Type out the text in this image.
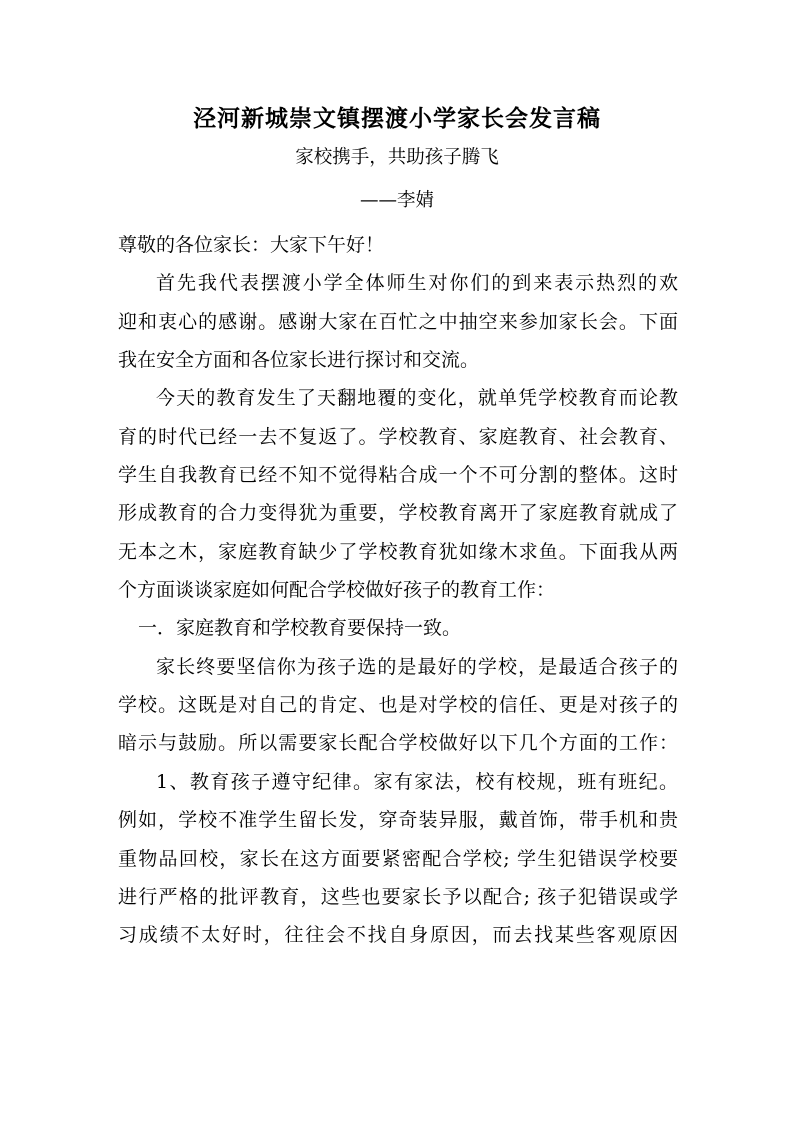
泾河新城崇文镇摆渡小学家长会发言稿
家校携手，共助孩子腾飞
——李婧
尊敬的各位家长：大家下午好！
首先我代表摆渡小学全体师生对你们的到来表示热烈的欢
迎和衷心的感谢。感谢大家在百忙之中抽空来参加家长会。下面
我在安全方面和各位家长进行探讨和交流。
今天的教育发生了天翻地覆的变化，就单凭学校教育而论教
育的时代已经一去不复返了。学校教育、家庭教育、社会教育、
学生自我教育已经不知不觉得粘合成一个不可分割的整体。这时
形成教育的合力变得犹为重要，学校教育离开了家庭教育就成了
无本之木，家庭教育缺少了学校教育犹如缘木求鱼。下面我从两
个方面谈谈家庭如何配合学校做好孩子的教育工作：
一．家庭教育和学校教育要保持一致。
家长终要坚信你为孩子选的是最好的学校，是最适合孩子的
学校。这既是对自己的肯定、也是对学校的信任、更是对孩子的
暗示与鼓励。所以需要家长配合学校做好以下几个方面的工作：
1、教育孩子遵守纪律。家有家法，校有校规，班有班纪。
例如，学校不准学生留长发，穿奇装异服，戴首饰，带手机和贵
重物品回校，家长在这方面要紧密配合学校; 学生犯错误学校要
进行严格的批评教育，这些也要家长予以配合; 孩子犯错误或学
习成绩不太好时，往往会不找自身原因，而去找某些客观原因
